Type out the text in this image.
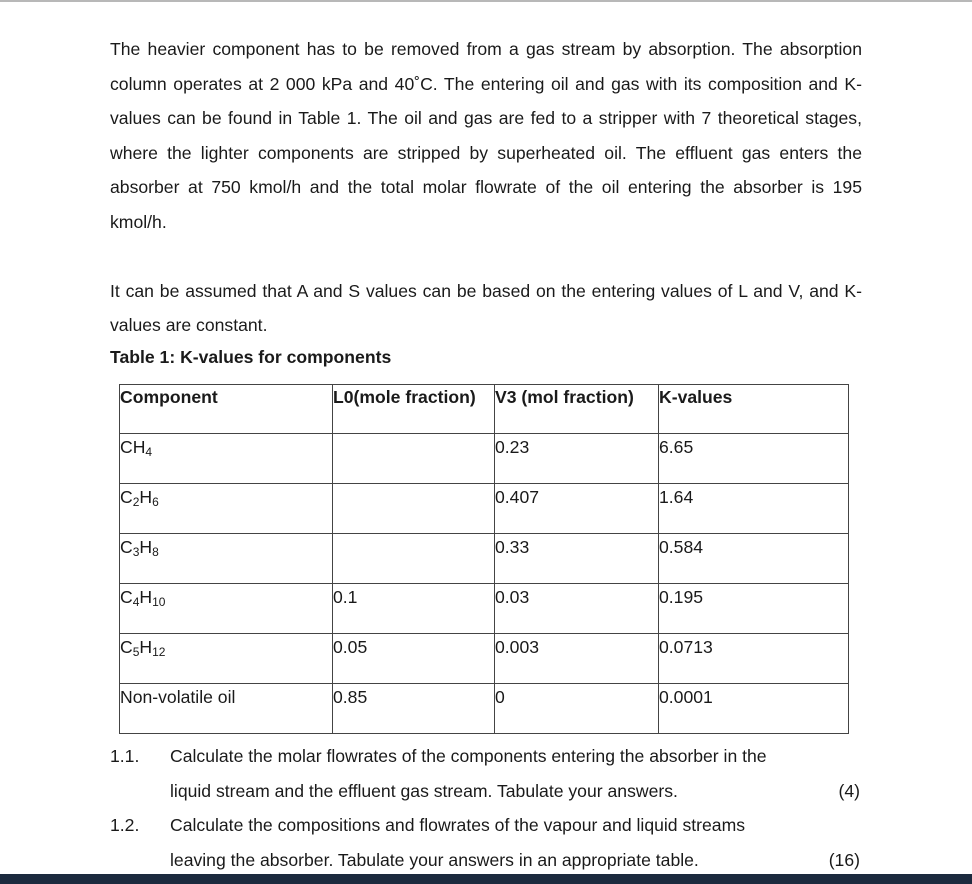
The heavier component has to be removed from a gas stream by absorption. The absorption column operates at 2 000 kPa and 40˚C. The entering oil and gas with its composition and K- values can be found in Table 1. The oil and gas are fed to a stripper with 7 theoretical stages, where the lighter components are stripped by superheated oil. The effluent gas enters the absorber at 750 kmol/h and the total molar flowrate of the oil entering the absorber is 195 kmol/h.

It can be assumed that A and S values can be based on the entering values of L and V, and K- values are constant.

Table 1: K-values for components
Component	L0(mole fraction)	V3 (mol fraction)	K-values
$CH_4$		0.23	6.65
$C_2H_6$		0.407	1.64
$C_3H_8$		0.33	0.584
$C_4H_{10}$	0.1	0.03	0.195
$C_5H_{12}$	0.05	0.003	0.0713
Non-volatile oil	0.85	0	0.0001
1.1. Calculate the molar flowrates of the components entering the absorber in the
liquid stream and the effluent gas stream. Tabulate your answers.	(4)
1.2. Calculate the compositions and flowrates of the vapour and liquid streams
leaving the absorber. Tabulate your answers in an appropriate table.	(16)
